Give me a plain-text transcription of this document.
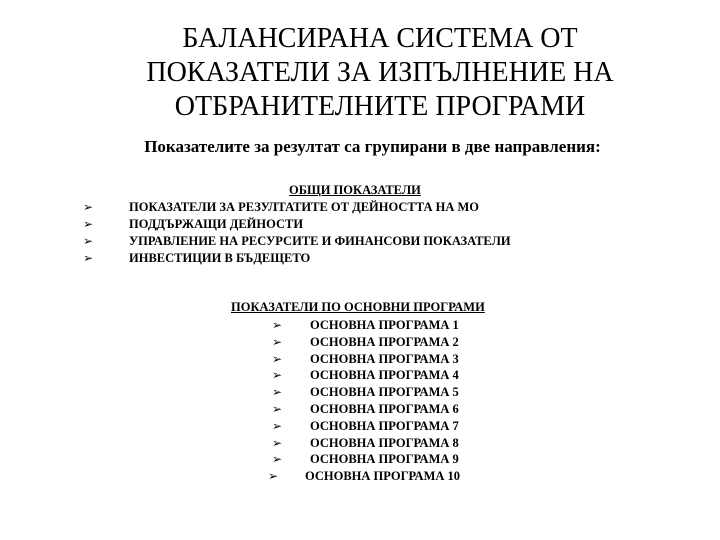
БАЛАНСИРАНА СИСТЕМА ОТ
ПОКАЗАТЕЛИ ЗА ИЗПЪЛНЕНИЕ НА
ОТБРАНИТЕЛНИТЕ ПРОГРАМИ

Показателите за резултат са групирани в две направления:

ОБЩИ ПОКАЗАТЕЛИ

➢	ПОКАЗАТЕЛИ ЗА РЕЗУЛТАТИТЕ ОТ ДЕЙНОСТТА НА МО
➢	ПОДДЪРЖАЩИ ДЕЙНОСТИ
➢	УПРАВЛЕНИЕ НА РЕСУРСИТЕ И ФИНАНСОВИ ПОКАЗАТЕЛИ
➢	ИНВЕСТИЦИИ В БЪДЕЩЕТО

ПОКАЗАТЕЛИ ПО ОСНОВНИ ПРОГРАМИ

➢ ОСНОВНА ПРОГРАМА 1
➢ ОСНОВНА ПРОГРАМА 2
➢ ОСНОВНА ПРОГРАМА 3
➢ ОСНОВНА ПРОГРАМА 4
➢ ОСНОВНА ПРОГРАМА 5
➢ ОСНОВНА ПРОГРАМА 6
➢ ОСНОВНА ПРОГРАМА 7
➢ ОСНОВНА ПРОГРАМА 8
➢ ОСНОВНА ПРОГРАМА 9
➢ ОСНОВНА ПРОГРАМА 10
